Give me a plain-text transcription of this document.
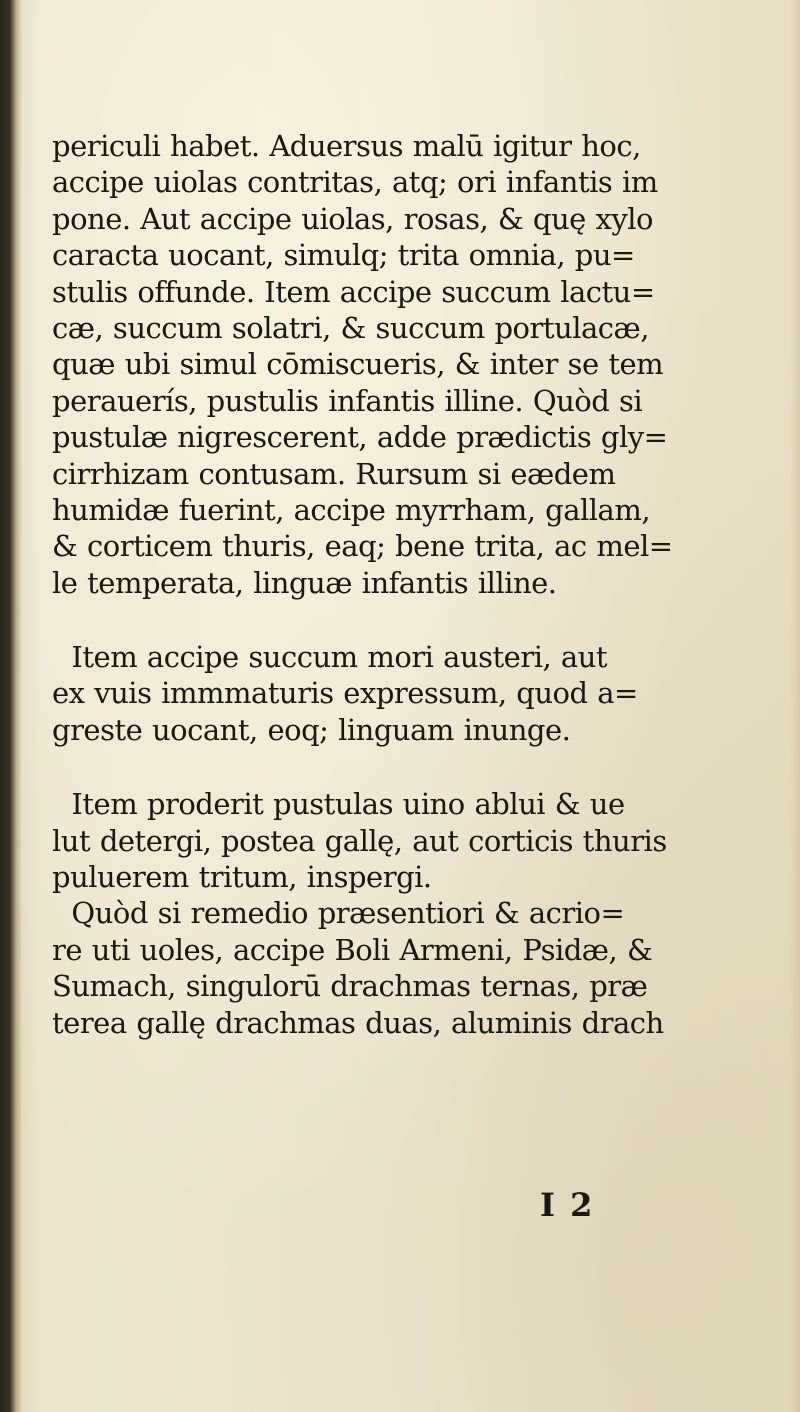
periculi habet. Aduersus malū igitur hoc,
accipe uiolas contritas, atq; ori infantis im
pone. Aut accipe uiolas, rosas, & quę xylo
caracta uocant, simulq; trita omnia, pu=
stulis offunde. Item accipe succum lactu=
cæ, succum solatri, & succum portulacæ,
quæ ubi simul cōmiscueris, & inter se tem
perauerís, pustulis infantis illine. Quòd si
pustulæ nigrescerent, adde prædictis gly=
cirrhizam contusam. Rursum si eædem
humidæ fuerint, accipe myrrham, gallam,
& corticem thuris, eaq; bene trita, ac mel=
le temperata, linguæ infantis illine.
Item accipe succum mori austeri, aut
ex vuis immmaturis expressum, quod a=
greste uocant, eoq; linguam inunge.
Item proderit pustulas uino ablui & ue
lut detergi, postea gallę, aut corticis thuris
puluerem tritum, inspergi.
Quòd si remedio præsentiori & acrio=
re uti uoles, accipe Boli Armeni, Psidæ, &
Sumach, singulorū drachmas ternas, præ
terea gallę drachmas duas, aluminis drach
I 2
